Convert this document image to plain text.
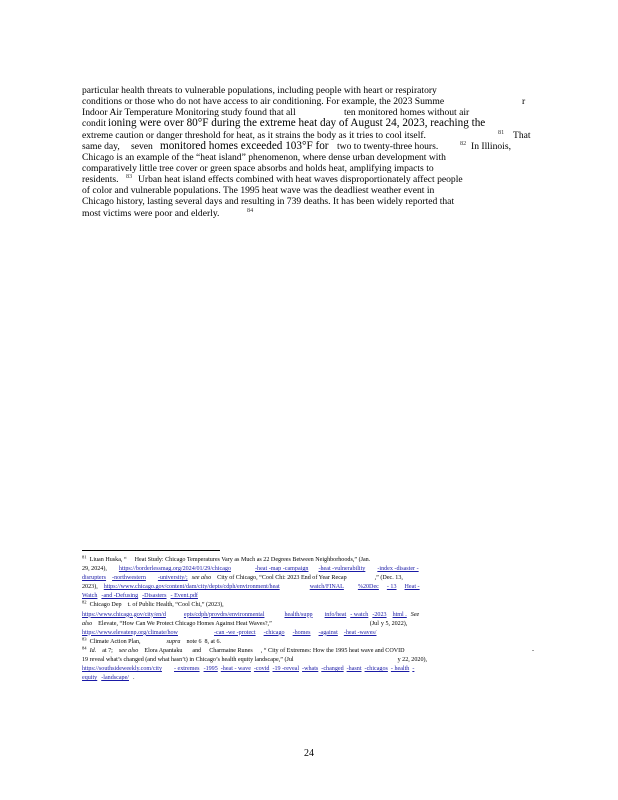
particular health threats to vulnerable populations, including people with heart or respiratory
conditions or those who do not have access to air conditioning. For example, the 2023 Summe	r
Indoor Air Temperature Monitoring study found that all	ten monitored homes without air
condit ioning were over 80°F during the extreme heat day of August 24, 2023, reaching the
extreme caution or danger threshold for heat, as it strains the body as it tries to cool itself.	$^{81}$ That
same day, seven monitored homes exceeded 103°F for two to twenty-three hours.	$^{82}$ In Illinois,
Chicago is an example of the “heat island” phenomenon, where dense urban development with
comparatively little tree cover or green space absorbs and holds heat, amplifying impacts to
residents. $^{83}$ Urban heat island effects combined with heat waves disproportionately affect people
of color and vulnerable populations. The 1995 heat wave was the deadliest weather event in
Chicago history, lasting several days and resulting in 739 deaths. It has been widely reported that
most victims were poor and elderly.	$^{84}$
$^{81}$Liuan Huska, “ Heat Study: Chicago Temperatures Vary as Much as 22 Degrees Between Neighborhoods,” (Jan.
29, 2024), https://borderlessmag.org/2024/01/29/chicago	-heat -map -campaign -heat -vulnerability -index -disaster -
disrupters -northwestern -university/; see also City of Chicago, “Cool Chi: 2023 End of Year Recap	,” (Dec. 13,
2023), https://www.chicago.gov/content/dam/city/depts/cdph/environment/heat	watch/FINAL %20Dec - 13 Heat -
Watch -and -Defusing -Disasters - Event.pdf
$^{82}$Chicago Dep t. of Public Health, “Cool Chi,” (2023),
https://www.chicago.gov/city/en/d	epts/cdph/provdrs/environmental	health/supp info/heat - watch -2023 html . See
also Elevate, “How Can We Protect Chicago Homes Against Heat Waves?,”	(Jul y 5, 2022),
https://www.elevatenp.org/climate/how	-can -we -protect -chicago -homes -against -heat -waves/
$^{83}$Climate Action Plan,	supra note 6 8, at 6.
$^{84}$Id. at 7; see also Elora Apantaku and Charmaine Runes , “ City of Extremes: How the 1995 heat wave and COVID	-
19 reveal what’s changed (and what hasn’t) in Chicago’s health equity landscape,” (Jul	y 22, 2020),
https://southsideweekly.com/city - extremes -1995 -heat - wave -covid -19 -reveal -whats -changed -hasnt -chicagos - health -
equity -landscape/ .
24
